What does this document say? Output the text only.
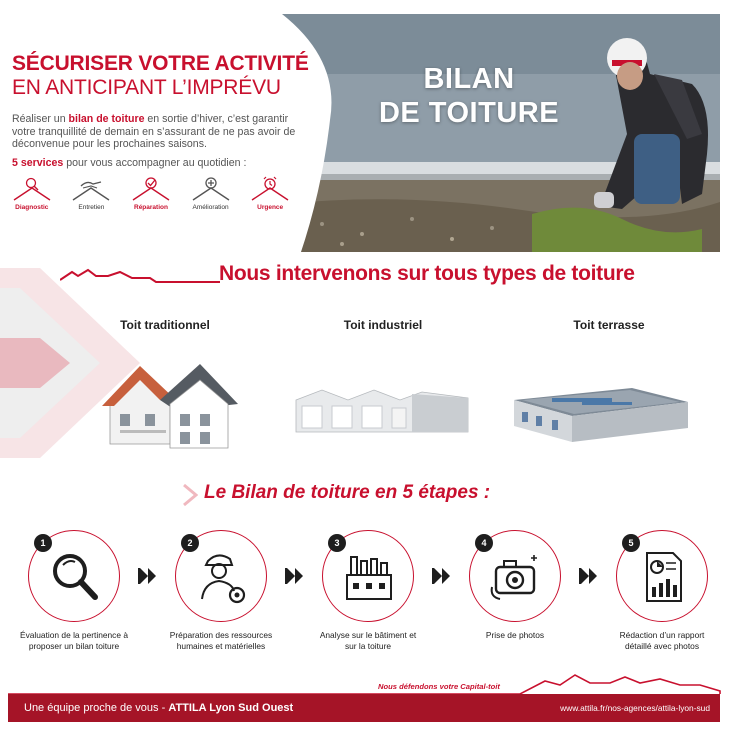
SÉCURISER VOTRE ACTIVITÉ
EN ANTICIPANT L’IMPRÉVU
Réaliser un bilan de toiture en sortie d’hiver, c’est garantir votre tranquillité de demain en s’assurant de ne pas avoir de déconvenue pour les prochaines saisons.
5 services pour vous accompagner au quotidien :
Diagnostic	Entretien	Réparation	Amélioration	Urgence
BILAN
DE TOITURE
Nous intervenons sur tous types de toiture
Toit traditionnel	Toit industriel	Toit terrasse
Le Bilan de toiture en 5 étapes :
1
Évaluation de la pertinence à proposer un bilan toiture
2
Préparation des ressources humaines et matérielles
3
Analyse sur le bâtiment et sur la toiture
4
Prise de photos
5
Rédaction d’un rapport détaillé avec photos
Nous défendons votre Capital-toit
Une équipe proche de vous - ATTILA Lyon Sud Ouest	www.attila.fr/nos-agences/attila-lyon-sud
